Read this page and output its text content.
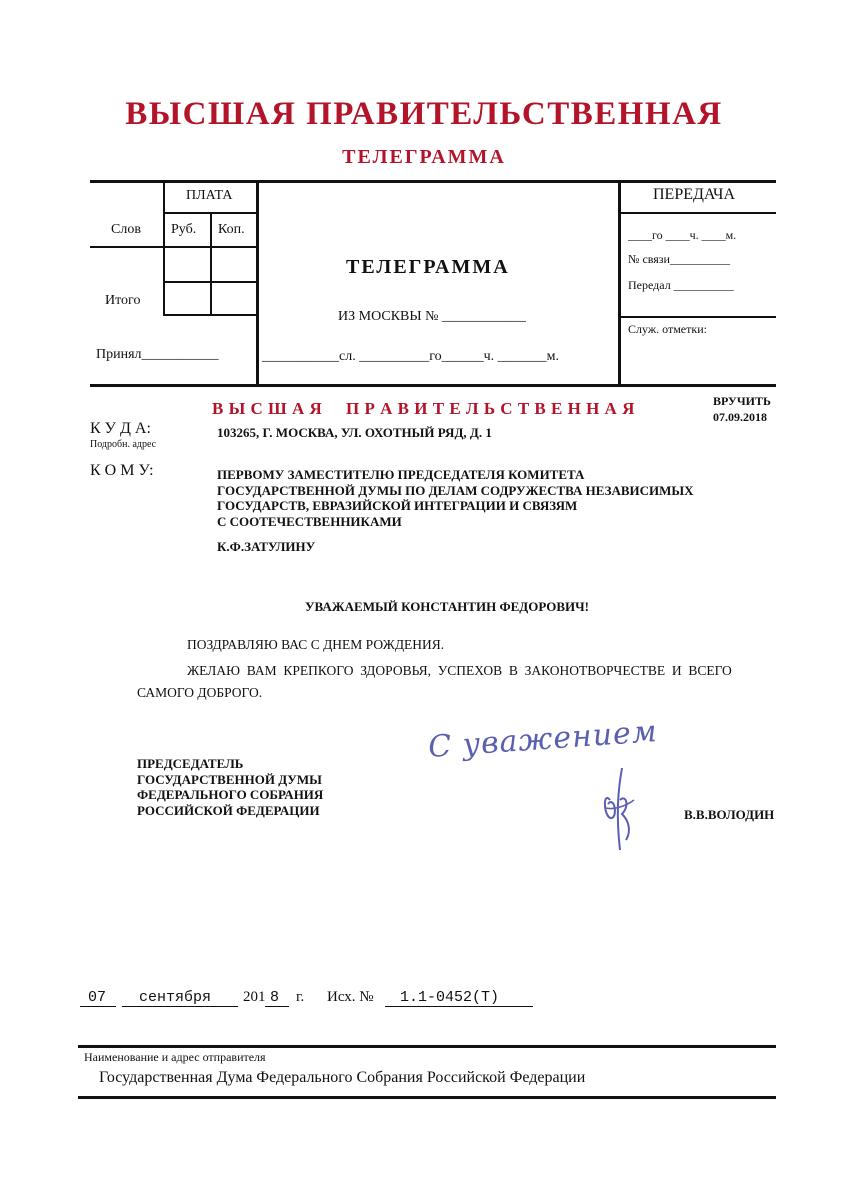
ВЫСШАЯ ПРАВИТЕЛЬСТВЕННАЯ
ТЕЛЕГРАММА
ПЛАТА
Слов Руб. Коп.
Итого
Принял___________
ТЕЛЕГРАММА
ИЗ МОСКВЫ № ____________
___________сл. __________го______ч. _______м.
ПЕРЕДАЧА
____го ____ч. ____м.
№ связи__________
Передал __________
Служ. отметки:
В Ы С Ш А Я     П Р А В И Т Е Л Ь С Т В Е Н Н А Я	ВРУЧИТЬ
07.09.2018
К У Д А:
Подробн. адрес
103265, Г. МОСКВА, УЛ. ОХОТНЫЙ РЯД, Д. 1
К О М У:	ПЕРВОМУ ЗАМЕСТИТЕЛЮ ПРЕДСЕДАТЕЛЯ КОМИТЕТА
ГОСУДАРСТВЕННОЙ ДУМЫ ПО ДЕЛАМ СОДРУЖЕСТВА НЕЗАВИСИМЫХ
ГОСУДАРСТВ, ЕВРАЗИЙСКОЙ ИНТЕГРАЦИИ И СВЯЗЯМ
С СООТЕЧЕСТВЕННИКАМИ
К.Ф.ЗАТУЛИНУ
УВАЖАЕМЫЙ КОНСТАНТИН ФЕДОРОВИЧ!
ПОЗДРАВЛЯЮ ВАС С ДНЕМ РОЖДЕНИЯ.
ЖЕЛАЮ  ВАМ  КРЕПКОГО  ЗДОРОВЬЯ,  УСПЕХОВ  В  ЗАКОНОТВОРЧЕСТВЕ  И  ВСЕГО
САМОГО ДОБРОГО.
ПРЕДСЕДАТЕЛЬ
ГОСУДАРСТВЕННОЙ ДУМЫ
ФЕДЕРАЛЬНОГО СОБРАНИЯ
РОССИЙСКОЙ ФЕДЕРАЦИИ
С уважением
В.В.ВОЛОДИН
07 сентября 201 8 г. Исх. № 1.1-0452(Т)
Наименование и адрес отправителя
Государственная Дума Федерального Собрания Российской Федерации
